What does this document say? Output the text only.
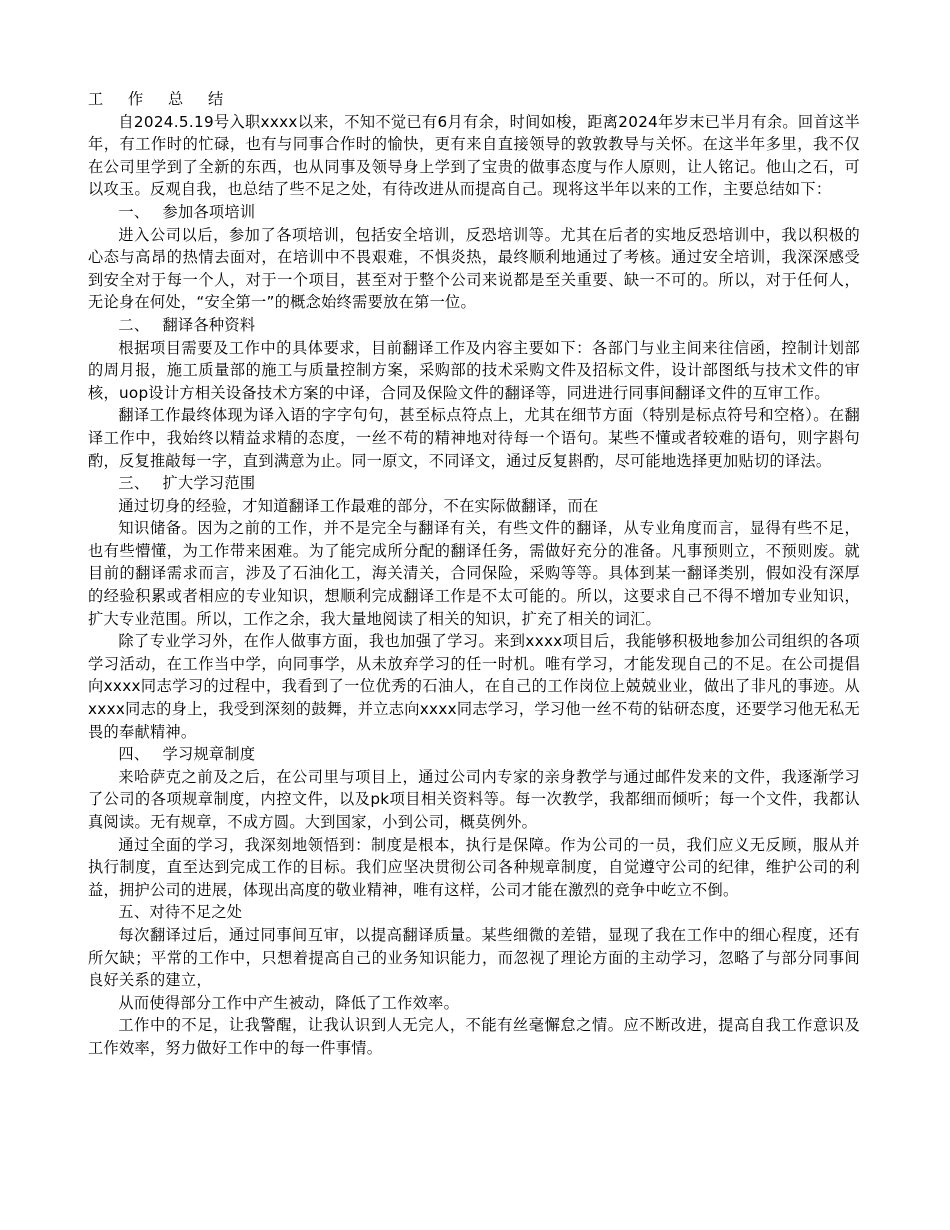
工 作 总 结

自2024.5.19号入职xxxx以来，不知不觉已有6月有余，时间如梭，距离2024年岁末已半月有余。回首这半年，有工作时的忙碌，也有与同事合作时的愉快，更有来自直接领导的敦敦教导与关怀。在这半年多里，我不仅在公司里学到了全新的东西，也从同事及领导身上学到了宝贵的做事态度与作人原则，让人铭记。他山之石，可以攻玉。反观自我，也总结了些不足之处，有待改进从而提高自己。现将这半年以来的工作，主要总结如下：

一、 参加各项培训

进入公司以后，参加了各项培训，包括安全培训，反恐培训等。尤其在后者的实地反恐培训中，我以积极的心态与高昂的热情去面对，在培训中不畏艰难，不惧炎热，最终顺利地通过了考核。通过安全培训，我深深感受到安全对于每一个人，对于一个项目，甚至对于整个公司来说都是至关重要、缺一不可的。所以，对于任何人，无论身在何处，“安全第一”的概念始终需要放在第一位。

二、 翻译各种资料

根据项目需要及工作中的具体要求，目前翻译工作及内容主要如下：各部门与业主间来往信函，控制计划部的周月报，施工质量部的施工与质量控制方案，采购部的技术采购文件及招标文件，设计部图纸与技术文件的审核，uop设计方相关设备技术方案的中译，合同及保险文件的翻译等，同进进行同事间翻译文件的互审工作。

翻译工作最终体现为译入语的字字句句，甚至标点符点上，尤其在细节方面（特别是标点符号和空格）。在翻译工作中，我始终以精益求精的态度，一丝不苟的精神地对待每一个语句。某些不懂或者较难的语句，则字斟句酌，反复推敲每一字，直到满意为止。同一原文，不同译文，通过反复斟酌，尽可能地选择更加贴切的译法。

三、 扩大学习范围

通过切身的经验，才知道翻译工作最难的部分，不在实际做翻译，而在

知识储备。因为之前的工作，并不是完全与翻译有关，有些文件的翻译，从专业角度而言，显得有些不足，也有些懵懂，为工作带来困难。为了能完成所分配的翻译任务，需做好充分的准备。凡事预则立，不预则废。就目前的翻译需求而言，涉及了石油化工，海关清关，合同保险，采购等等。具体到某一翻译类别，假如没有深厚的经验积累或者相应的专业知识，想顺利完成翻译工作是不太可能的。所以，这要求自己不得不增加专业知识，扩大专业范围。所以，工作之余，我大量地阅读了相关的知识，扩充了相关的词汇。

除了专业学习外，在作人做事方面，我也加强了学习。来到xxxx项目后，我能够积极地参加公司组织的各项学习活动，在工作当中学，向同事学，从未放弃学习的任一时机。唯有学习，才能发现自己的不足。在公司提倡向xxxx同志学习的过程中，我看到了一位优秀的石油人，在自己的工作岗位上兢兢业业，做出了非凡的事迹。从xxxx同志的身上，我受到深刻的鼓舞，并立志向xxxx同志学习，学习他一丝不苟的钻研态度，还要学习他无私无畏的奉献精神。

四、 学习规章制度

来哈萨克之前及之后，在公司里与项目上，通过公司内专家的亲身教学与通过邮件发来的文件，我逐渐学习了公司的各项规章制度，内控文件，以及pk项目相关资料等。每一次教学，我都细而倾听；每一个文件，我都认真阅读。无有规章，不成方圆。大到国家，小到公司，概莫例外。

通过全面的学习，我深刻地领悟到：制度是根本，执行是保障。作为公司的一员，我们应义无反顾，服从并执行制度，直至达到完成工作的目标。我们应坚决贯彻公司各种规章制度，自觉遵守公司的纪律，维护公司的利益，拥护公司的进展，体现出高度的敬业精神，唯有这样，公司才能在激烈的竞争中屹立不倒。

五、对待不足之处

每次翻译过后，通过同事间互审，以提高翻译质量。某些细微的差错，显现了我在工作中的细心程度，还有所欠缺；平常的工作中，只想着提高自己的业务知识能力，而忽视了理论方面的主动学习，忽略了与部分同事间良好关系的建立，

从而使得部分工作中产生被动，降低了工作效率。

工作中的不足，让我警醒，让我认识到人无完人，不能有丝毫懈怠之情。应不断改进，提高自我工作意识及工作效率，努力做好工作中的每一件事情。
